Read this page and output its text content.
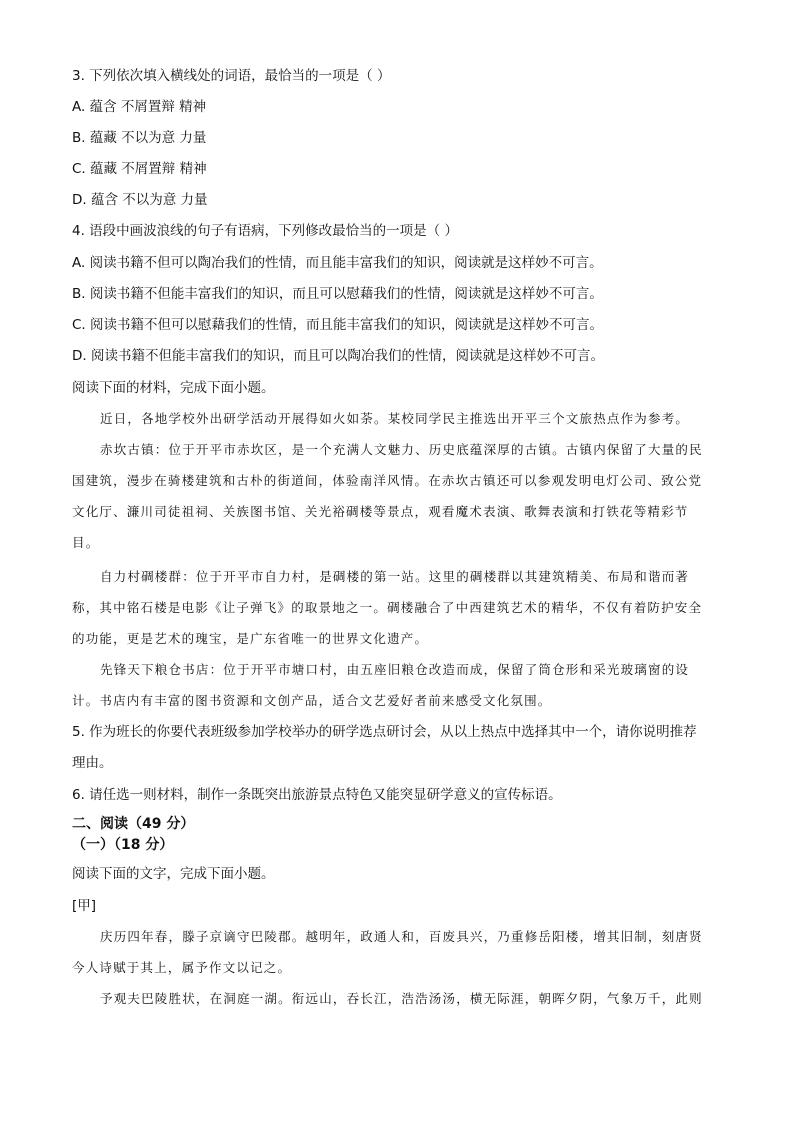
3. 下列依次填入横线处的词语，最恰当的一项是（ ）
A. 蕴含 不屑置辩 精神
B. 蕴藏 不以为意 力量
C. 蕴藏 不屑置辩 精神
D. 蕴含 不以为意 力量
4. 语段中画波浪线的句子有语病，下列修改最恰当的一项是（ ）
A. 阅读书籍不但可以陶冶我们的性情，而且能丰富我们的知识，阅读就是这样妙不可言。
B. 阅读书籍不但能丰富我们的知识，而且可以慰藉我们的性情，阅读就是这样妙不可言。
C. 阅读书籍不但可以慰藉我们的性情，而且能丰富我们的知识，阅读就是这样妙不可言。
D. 阅读书籍不但能丰富我们的知识，而且可以陶冶我们的性情，阅读就是这样妙不可言。
阅读下面的材料，完成下面小题。
近日，各地学校外出研学活动开展得如火如荼。某校同学民主推选出开平三个文旅热点作为参考。
赤坎古镇：位于开平市赤坎区，是一个充满人文魅力、历史底蕴深厚的古镇。古镇内保留了大量的民
国建筑，漫步在骑楼建筑和古朴的街道间，体验南洋风情。在赤坎古镇还可以参观发明电灯公司、致公党
文化厅、濂川司徒祖祠、关族图书馆、关光裕碉楼等景点，观看魔术表演、歌舞表演和打铁花等精彩节
目。
自力村碉楼群：位于开平市自力村，是碉楼的第一站。这里的碉楼群以其建筑精美、布局和谐而著
称，其中铭石楼是电影《让子弹飞》的取景地之一。碉楼融合了中西建筑艺术的精华，不仅有着防护安全
的功能，更是艺术的瑰宝，是广东省唯一的世界文化遗产。
先锋天下粮仓书店：位于开平市塘口村，由五座旧粮仓改造而成，保留了筒仓形和采光玻璃窗的设
计。书店内有丰富的图书资源和文创产品，适合文艺爱好者前来感受文化氛围。
5. 作为班长的你要代表班级参加学校举办的研学选点研讨会，从以上热点中选择其中一个，请你说明推荐
理由。
6. 请任选一则材料，制作一条既突出旅游景点特色又能突显研学意义的宣传标语。
二、阅读（49 分）
（一）（18 分）
阅读下面的文字，完成下面小题。
[甲]
庆历四年春，滕子京谪守巴陵郡。越明年，政通人和，百废具兴，乃重修岳阳楼，增其旧制，刻唐贤
今人诗赋于其上，属予作文以记之。
予观夫巴陵胜状，在洞庭一湖。衔远山，吞长江，浩浩汤汤，横无际涯，朝晖夕阴，气象万千，此则
